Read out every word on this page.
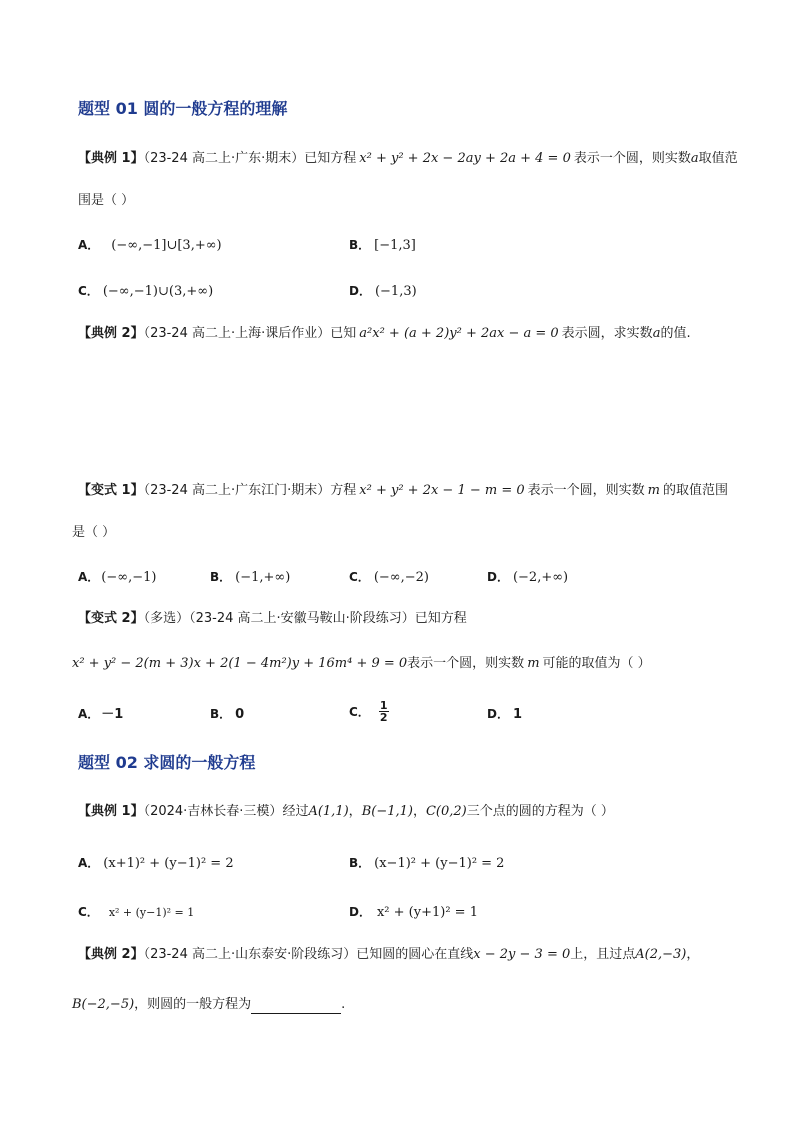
题型 01 圆的一般方程的理解
【典例 1】（23-24 高二上·广东·期末）已知方程 x² + y² + 2x − 2ay + 2a + 4 = 0 表示一个圆，则实数a取值范
围是（ ）
A． (−∞,−1]∪[3,+∞)	B． [−1,3]
C． (−∞,−1)∪(3,+∞)	D． (−1,3)
【典例 2】（23-24 高二上·上海·课后作业）已知 a²x² + (a + 2)y² + 2ax − a = 0 表示圆，求实数a的值.
【变式 1】（23-24 高二上·广东江门·期末）方程 x² + y² + 2x − 1 − m = 0 表示一个圆，则实数 m 的取值范围
是（ ）
A． (−∞,−1)	B． (−1,+∞)	C． (−∞,−2)	D． (−2,+∞)
【变式 2】（多选）（23-24 高二上·安徽马鞍山·阶段练习）已知方程
x² + y² − 2(m + 3)x + 2(1 − 4m²)y + 16m⁴ + 9 = 0表示一个圆，则实数 m 可能的取值为（ ）
A． －1	B． 0	C． $\frac{1}{2}$	D． 1
题型 02 求圆的一般方程
【典例 1】（2024·吉林长春·三模）经过A(1,1)，B(−1,1)，C(0,2)三个点的圆的方程为（ ）
A． (x+1)² + (y−1)² = 2	B． (x−1)² + (y−1)² = 2
C． x² + (y−1)² = 1	D． x² + (y+1)² = 1
【典例 2】（23-24 高二上·山东泰安·阶段练习）已知圆的圆心在直线x − 2y − 3 = 0上，且过点A(2,−3)，
B(−2,−5)，则圆的一般方程为	.
